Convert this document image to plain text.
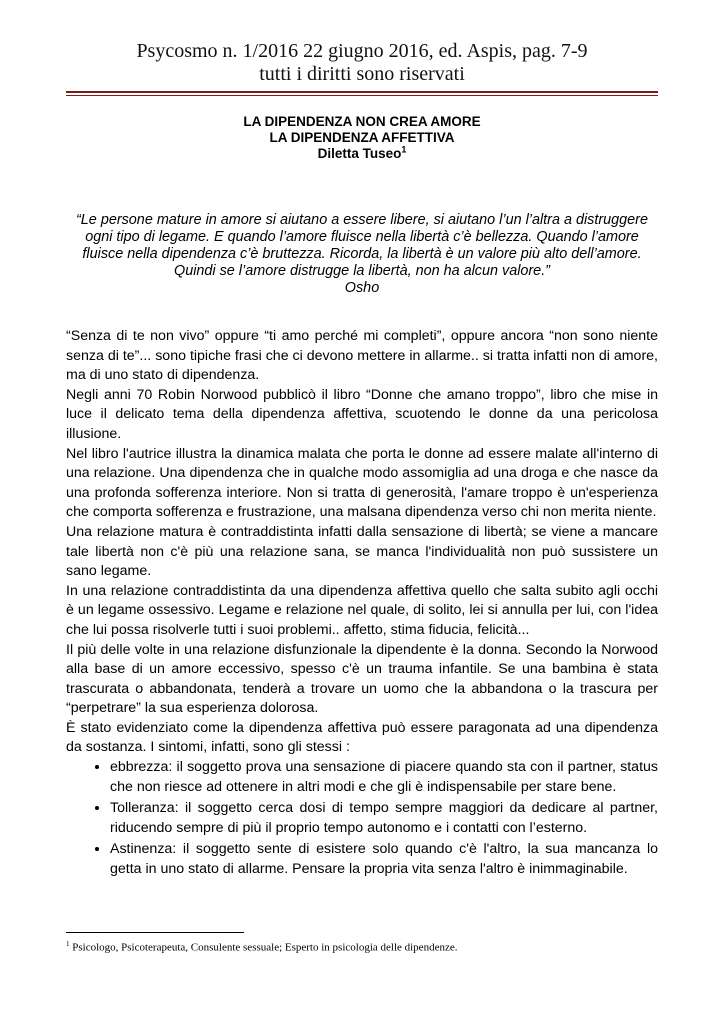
Psycosmo n. 1/2016 22 giugno 2016, ed. Aspis, pag. 7-9
tutti i diritti sono riservati
LA DIPENDENZA NON CREA AMORE
LA DIPENDENZA AFFETTIVA
Diletta Tuseo$^1$
“Le persone mature in amore si aiutano a essere libere, si aiutano l’un l’altra a distruggere ogni tipo di legame. E quando l’amore fluisce nella libertà c’è bellezza. Quando l’amore fluisce nella dipendenza c’è bruttezza. Ricorda, la libertà è un valore più alto dell’amore. Quindi se l’amore distrugge la libertà, non ha alcun valore.”
Osho

“Senza di te non vivo” oppure “ti amo perché mi completi”, oppure ancora “non sono niente senza di te”... sono tipiche frasi che ci devono mettere in allarme.. si tratta infatti non di amore, ma di uno stato di dipendenza.

Negli anni 70 Robin Norwood pubblicò il libro “Donne che amano troppo”, libro che mise in luce il delicato tema della dipendenza affettiva, scuotendo le donne da una pericolosa illusione.

Nel libro l'autrice illustra la dinamica malata che porta le donne ad essere malate all'interno di una relazione. Una dipendenza che in qualche modo assomiglia ad una droga e che nasce da una profonda sofferenza interiore. Non si tratta di generosità, l'amare troppo è un'esperienza che comporta sofferenza e frustrazione, una malsana dipendenza verso chi non merita niente.

Una relazione matura è contraddistinta infatti dalla sensazione di libertà; se viene a mancare tale libertà non c'è più una relazione sana, se manca l'individualità non può sussistere un sano legame.

In una relazione contraddistinta da una dipendenza affettiva quello che salta subito agli occhi è un legame ossessivo. Legame e relazione nel quale, di solito, lei si annulla per lui, con l'idea che lui possa risolverle tutti i suoi problemi.. affetto, stima fiducia, felicità...

Il più delle volte in una relazione disfunzionale la dipendente è la donna. Secondo la Norwood alla base di un amore eccessivo, spesso c'è un trauma infantile. Se una bambina è stata trascurata o abbandonata, tenderà a trovare un uomo che la abbandona o la trascura per “perpetrare” la sua esperienza dolorosa.

È stato evidenziato come la dipendenza affettiva può essere paragonata ad una dipendenza da sostanza. I sintomi, infatti, sono gli stessi :

• ebbrezza: il soggetto prova una sensazione di piacere quando sta con il partner, status che non riesce ad ottenere in altri modi e che gli è indispensabile per stare bene.
• Tolleranza: il soggetto cerca dosi di tempo sempre maggiori da dedicare al partner, riducendo sempre di più il proprio tempo autonomo e i contatti con l’esterno.
• Astinenza: il soggetto sente di esistere solo quando c'è l'altro, la sua mancanza lo getta in uno stato di allarme. Pensare la propria vita senza l'altro è inimmaginabile.
$^1$ Psicologo, Psicoterapeuta, Consulente sessuale; Esperto in psicologia delle dipendenze.
